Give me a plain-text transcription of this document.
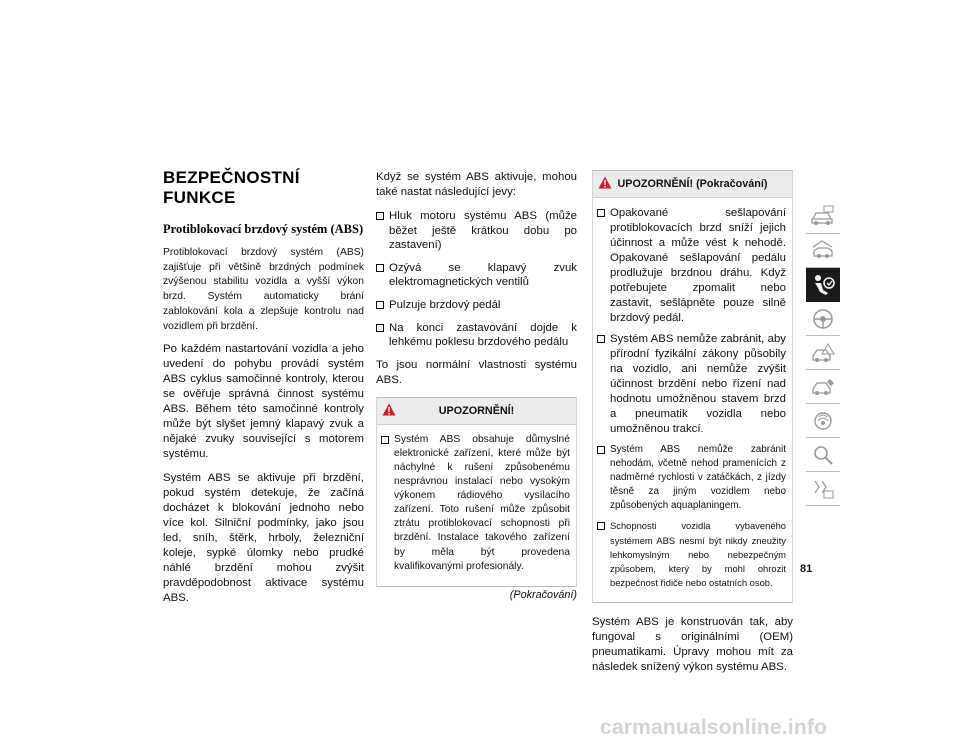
BEZPEČNOSTNÍ FUNKCE
Protiblokovací brzdový systém (ABS)

Protiblokovací brzdový systém (ABS) zajišťuje při většině brzdných podmínek zvýšenou stabilitu vozidla a vyšší výkon brzd. Systém automaticky brání zablokování kola a zlepšuje kontrolu nad vozidlem při brzdění.

Po každém nastartování vozidla a jeho uvedení do pohybu provádí systém ABS cyklus samočinné kontroly, kterou se ověřuje správná činnost systému ABS. Během této samočinné kontroly může být slyšet jemný klapavý zvuk a nějaké zvuky související s motorem systému.

Systém ABS se aktivuje při brzdění, pokud systém detekuje, že začíná docházet k blokování jednoho nebo více kol. Silniční podmínky, jako jsou led, sníh, štěrk, hrboly, železniční koleje, sypké úlomky nebo prudké náhlé brzdění mohou zvýšit pravděpodobnost aktivace systému ABS.

Když se systém ABS aktivuje, mohou také nastat následující jevy:

Hluk motoru systému ABS (může běžet ještě krátkou dobu po zastavení)
Ozývá se klapavý zvuk elektromagnetických ventilů
Pulzuje brzdový pedál
Na konci zastavování dojde k lehkému poklesu brzdového pedálu

To jsou normální vlastnosti systému ABS.

UPOZORNĚNÍ!
Systém ABS obsahuje důmyslné elektronické zařízení, které může být náchylné k rušení způsobenému nesprávnou instalací nebo vysokým výkonem rádiového vysílacího zařízení. Toto rušení může způsobit ztrátu protiblokovací schopnosti při brzdění. Instalace takového zařízení by měla být provedena kvalifikovanými profesionály.
(Pokračování)
UPOZORNĚNÍ! (Pokračování)
Opakované sešlapování protiblokovacích brzd sníží jejich účinnost a může vést k nehodě. Opakované sešlapování pedálu prodlužuje brzdnou dráhu. Když potřebujete zpomalit nebo zastavit, sešlápněte pouze silně brzdový pedál.
Systém ABS nemůže zabránit, aby přírodní fyzikální zákony působily na vozidlo, ani nemůže zvýšit účinnost brzdění nebo řízení nad hodnotu umožněnou stavem brzd a pneumatik vozidla nebo umožněnou trakcí.
Systém ABS nemůže zabránit nehodám, včetně nehod pramenících z nadměrné rychlosti v zatáčkách, z jízdy těsně za jiným vozidlem nebo způsobených aquaplaningem.
Schopnosti vozidla vybaveného systémem ABS nesmí být nikdy zneužity lehkomyslným nebo nebezpečným způsobem, který by mohl ohrozit bezpečnost řidiče nebo ostatních osob.

Systém ABS je konstruován tak, aby fungoval s originálními (OEM) pneumatikami. Úpravy mohou mít za následek snížený výkon systému ABS.

81
carmanualsonline.info
